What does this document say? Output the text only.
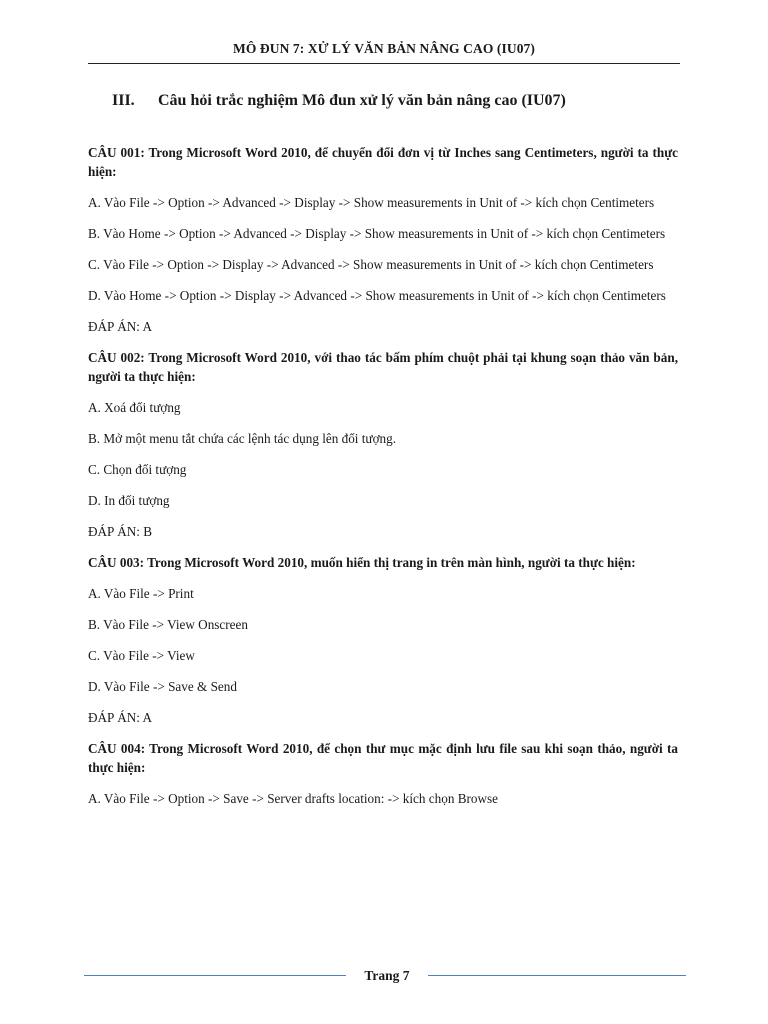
MÔ ĐUN 7: XỬ LÝ VĂN BẢN NÂNG CAO (IU07)
III. Câu hỏi trắc nghiệm Mô đun xử lý văn bản nâng cao (IU07)

CÂU 001: Trong Microsoft Word 2010, để chuyển đổi đơn vị từ Inches sang Centimeters, người ta thực hiện:

A. Vào File -> Option -> Advanced -> Display -> Show measurements in Unit of -> kích chọn Centimeters

B. Vào Home -> Option -> Advanced -> Display -> Show measurements in Unit of -> kích chọn Centimeters

C. Vào File -> Option -> Display -> Advanced -> Show measurements in Unit of -> kích chọn Centimeters

D. Vào Home -> Option -> Display -> Advanced -> Show measurements in Unit of -> kích chọn Centimeters

ĐÁP ÁN: A

CÂU 002: Trong Microsoft Word 2010, với thao tác bấm phím chuột phải tại khung soạn thảo văn bản, người ta thực hiện:

A. Xoá đối tượng

B. Mở một menu tắt chứa các lệnh tác dụng lên đối tượng.

C. Chọn đối tượng

D. In đối tượng

ĐÁP ÁN: B

CÂU 003: Trong Microsoft Word 2010, muốn hiển thị trang in trên màn hình, người ta thực hiện:

A. Vào File -> Print

B. Vào File -> View Onscreen

C. Vào File -> View

D. Vào File -> Save & Send

ĐÁP ÁN: A

CÂU 004: Trong Microsoft Word 2010, để chọn thư mục mặc định lưu file sau khi soạn thảo, người ta thực hiện:

A. Vào File -> Option -> Save -> Server drafts location: -> kích chọn Browse

Trang 7
